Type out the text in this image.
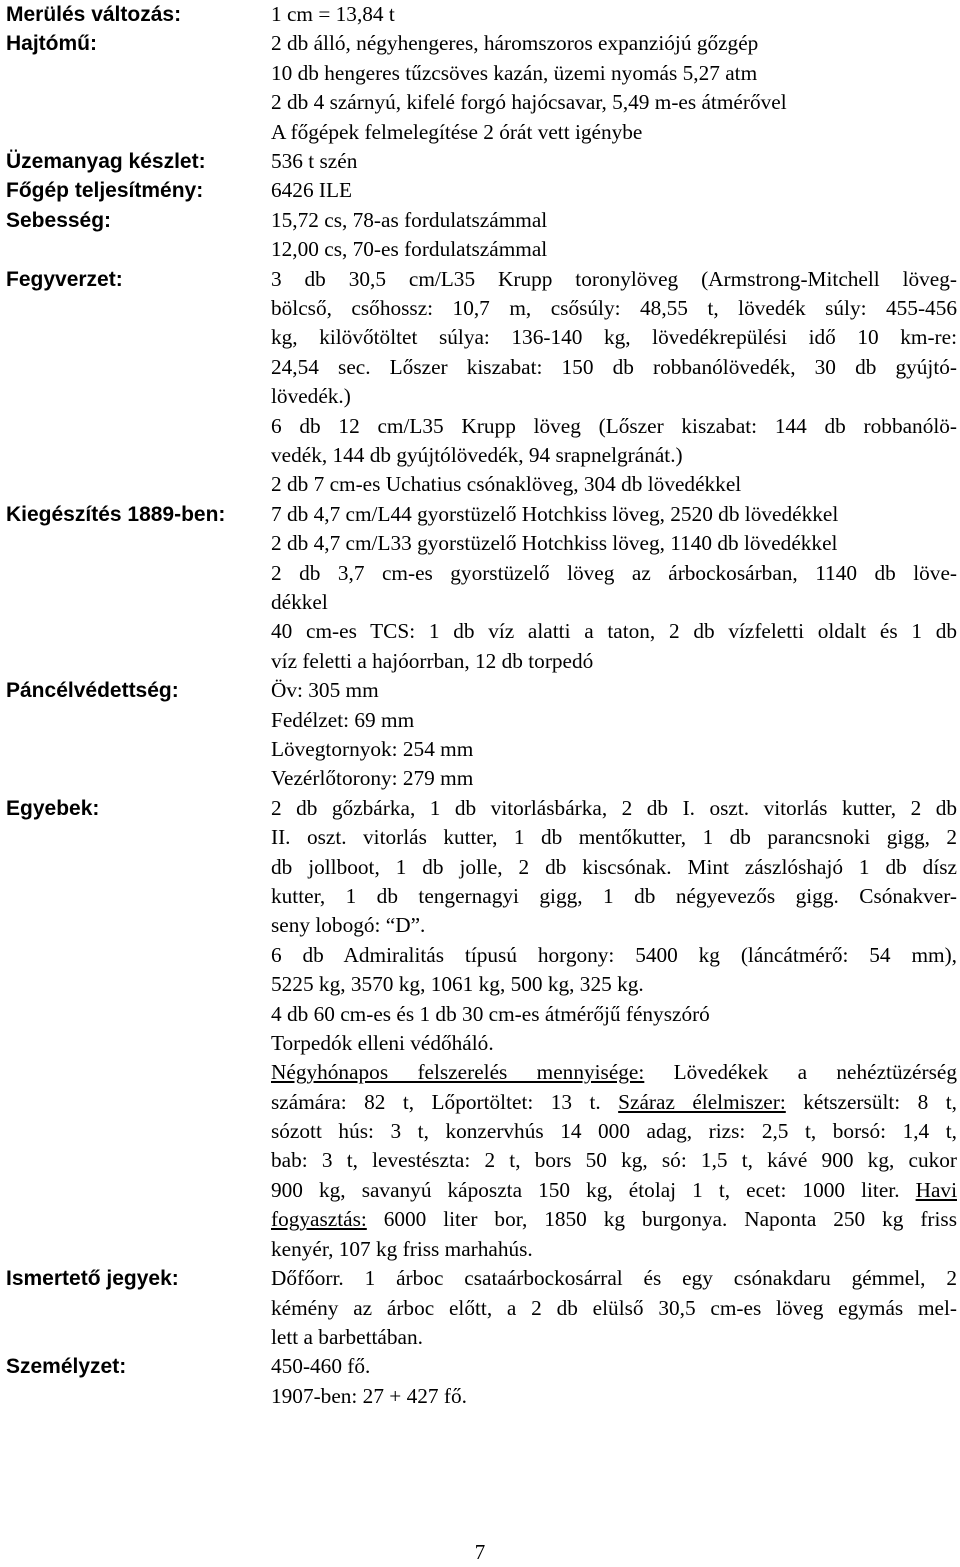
Merülés változás:	1 cm = 13,84 t
Hajtómű:	2 db álló, négyhengeres, háromszoros expanziójú gőzgép
10 db hengeres tűzcsöves kazán, üzemi nyomás 5,27 atm
2 db 4 szárnyú, kifelé forgó hajócsavar, 5,49 m-es átmérővel
A főgépek felmelegítése 2 órát vett igénybe
Üzemanyag készlet:	536 t szén
Főgép teljesítmény:	6426 ILE
Sebesség:	15,72 cs, 78-as fordulatszámmal
12,00 cs, 70-es fordulatszámmal
Fegyverzet:	3 db 30,5 cm/L35 Krupp toronylöveg (Armstrong-Mitchell löveg-
bölcső, csőhossz: 10,7 m, csősúly: 48,55 t, lövedék súly: 455-456
kg, kilövőtöltet súlya: 136-140 kg, lövedékrepülési idő 10 km-re:
24,54 sec. Lőszer kiszabat: 150 db robbanólövedék, 30 db gyújtó-
lövedék.)
6 db 12 cm/L35 Krupp löveg (Lőszer kiszabat: 144 db robbanólö-
vedék, 144 db gyújtólövedék, 94 srapnelgránát.)
2 db 7 cm-es Uchatius csónaklöveg, 304 db lövedékkel
Kiegészítés 1889-ben: 7 db 4,7 cm/L44 gyorstüzelő Hotchkiss löveg, 2520 db lövedékkel
2 db 4,7 cm/L33 gyorstüzelő Hotchkiss löveg, 1140 db lövedékkel
2 db 3,7 cm-es gyorstüzelő löveg az árbockosárban, 1140 db löve-
dékkel
40 cm-es TCS: 1 db víz alatti a taton, 2 db vízfeletti oldalt és 1 db
víz feletti a hajóorrban, 12 db torpedó
Páncélvédettség:	Öv: 305 mm
Fedélzet: 69 mm
Lövegtornyok: 254 mm
Vezérlőtorony: 279 mm
Egyebek:	2 db gőzbárka, 1 db vitorlásbárka, 2 db I. oszt. vitorlás kutter, 2 db
II. oszt. vitorlás kutter, 1 db mentőkutter, 1 db parancsnoki gigg, 2
db jollboot, 1 db jolle, 2 db kiscsónak. Mint zászlóshajó 1 db dísz
kutter, 1 db tengernagyi gigg, 1 db négyevezős gigg. Csónakver-
seny lobogó: “D”.
6 db Admiralitás típusú horgony: 5400 kg (láncátmérő: 54 mm),
5225 kg, 3570 kg, 1061 kg, 500 kg, 325 kg.
4 db 60 cm-es és 1 db 30 cm-es átmérőjű fényszóró
Torpedók elleni védőháló.
Négyhónapos felszerelés mennyisége: Lövedékek a nehéztüzérség
számára: 82 t, Lőportöltet: 13 t. Száraz élelmiszer: kétszersült: 8 t,
sózott hús: 3 t, konzervhús 14 000 adag, rizs: 2,5 t, borsó: 1,4 t,
bab: 3 t, levestészta: 2 t, bors 50 kg, só: 1,5 t, kávé 900 kg, cukor
900 kg, savanyú káposzta 150 kg, étolaj 1 t, ecet: 1000 liter. Havi
fogyasztás: 6000 liter bor, 1850 kg burgonya. Naponta 250 kg friss
kenyér, 107 kg friss marhahús.
Ismertető jegyek:	Dőfőorr. 1 árboc csataárbockosárral és egy csónakdaru gémmel, 2
kémény az árboc előtt, a 2 db elülső 30,5 cm-es löveg egymás mel-
lett a barbettában.
Személyzet:	450-460 fő.
1907-ben: 27 + 427 fő.
7
